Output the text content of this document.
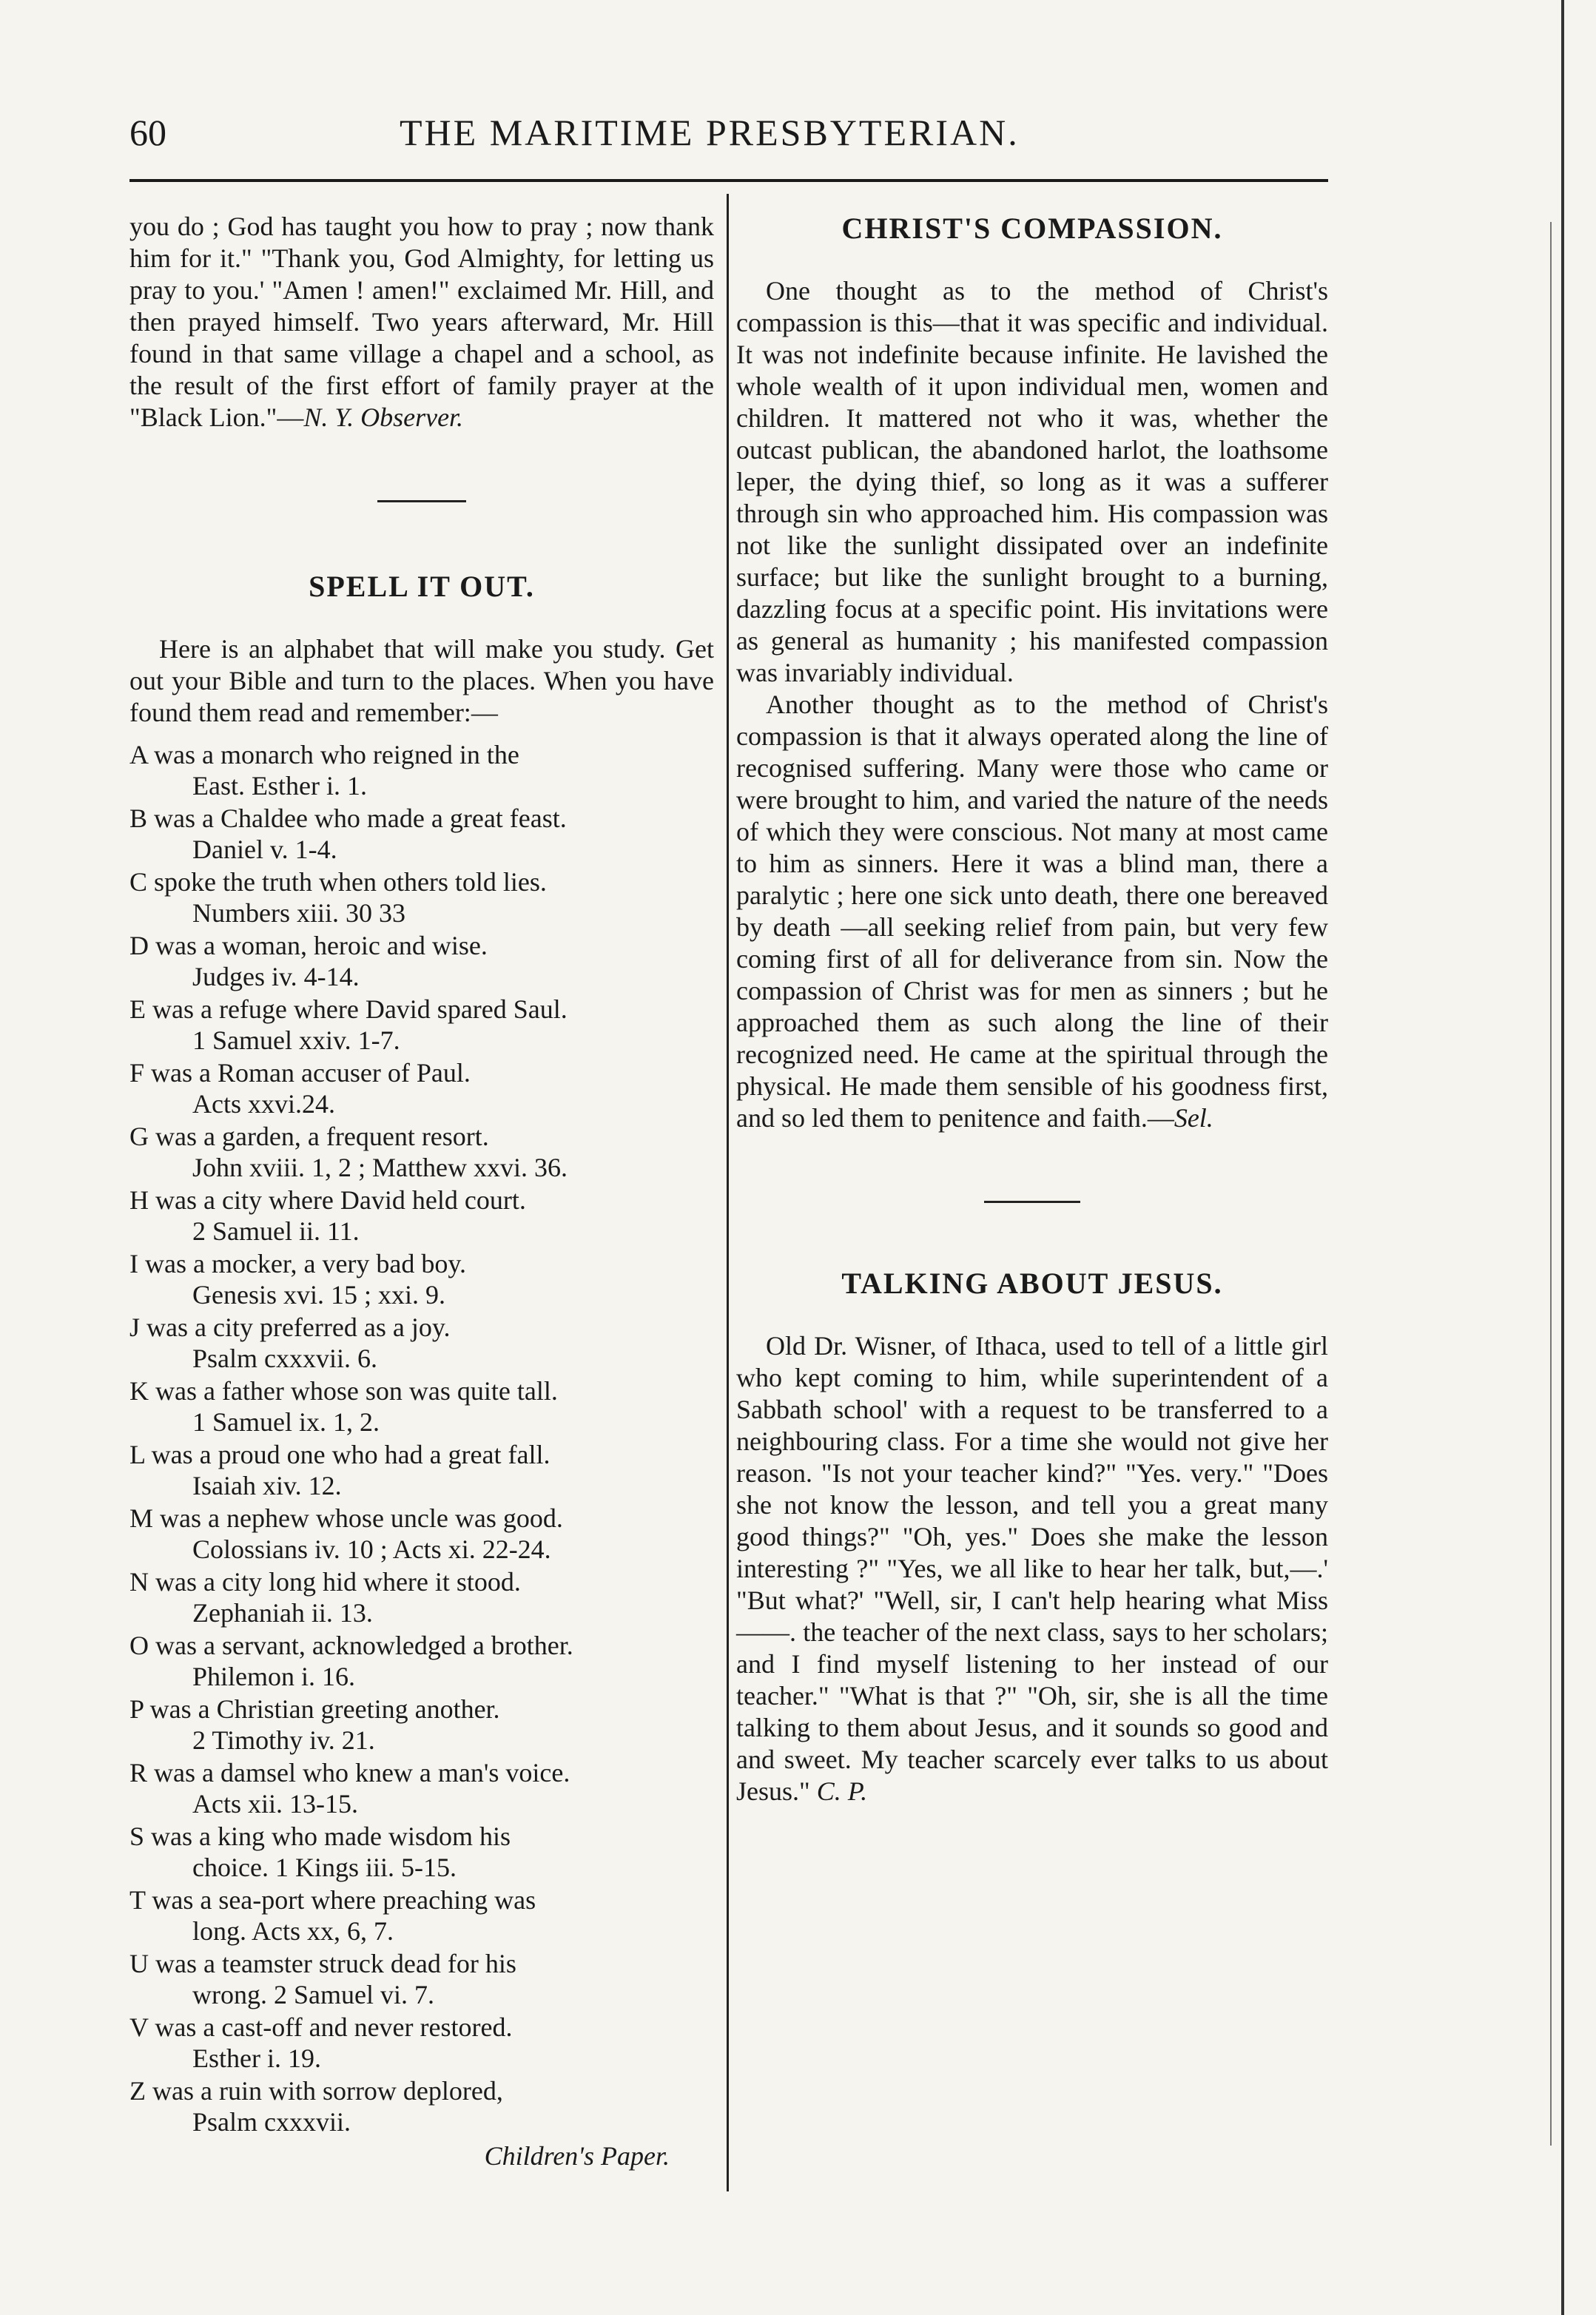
60	THE MARITIME PRESBYTERIAN.

you do ; God has taught you how to pray ; now thank him for it." "Thank you, God Almighty, for letting us pray to you.' "Amen ! amen!" exclaimed Mr. Hill, and then prayed himself. Two years afterward, Mr. Hill found in that same village a chapel and a school, as the result of the first effort of family prayer at the "Black Lion."—N. Y. Observer.

SPELL IT OUT.

Here is an alphabet that will make you study. Get out your Bible and turn to the places. When you have found them read and remember:—

A was a monarch who reigned in the
East. Esther i. 1.
B was a Chaldee who made a great feast.
Daniel v. 1-4.
C spoke the truth when others told lies.
Numbers xiii. 30 33
D was a woman, heroic and wise.
Judges iv. 4-14.
E was a refuge where David spared Saul.
1 Samuel xxiv. 1-7.
F was a Roman accuser of Paul.
Acts xxvi.24.
G was a garden, a frequent resort.
John xviii. 1, 2 ; Matthew xxvi. 36.
H was a city where David held court.
2 Samuel ii. 11.
I was a mocker, a very bad boy.
Genesis xvi. 15 ; xxi. 9.
J was a city preferred as a joy.
Psalm cxxxvii. 6.
K was a father whose son was quite tall.
1 Samuel ix. 1, 2.
L was a proud one who had a great fall.
Isaiah xiv. 12.
M was a nephew whose uncle was good.
Colossians iv. 10 ; Acts xi. 22-24.
N was a city long hid where it stood.
Zephaniah ii. 13.
O was a servant, acknowledged a brother.
Philemon i. 16.
P was a Christian greeting another.
2 Timothy iv. 21.
R was a damsel who knew a man's voice.
Acts xii. 13-15.
S was a king who made wisdom his
choice. 1 Kings iii. 5-15.
T was a sea-port where preaching was
long. Acts xx, 6, 7.
U was a teamster struck dead for his
wrong. 2 Samuel vi. 7.
V was a cast-off and never restored.
Esther i. 19.
Z was a ruin with sorrow deplored,
Psalm cxxxvii.

Children's Paper.

CHRIST'S COMPASSION.

One thought as to the method of Christ's compassion is this—that it was specific and individual. It was not indefinite because infinite. He lavished the whole wealth of it upon individual men, women and children. It mattered not who it was, whether the outcast publican, the abandoned harlot, the loathsome leper, the dying thief, so long as it was a sufferer through sin who approached him. His compassion was not like the sunlight dissipated over an indefinite surface; but like the sunlight brought to a burning, dazzling focus at a specific point. His invitations were as general as humanity ; his manifested compassion was invariably individual.

Another thought as to the method of Christ's compassion is that it always operated along the line of recognised suffering. Many were those who came or were brought to him, and varied the nature of the needs of which they were conscious. Not many at most came to him as sinners. Here it was a blind man, there a paralytic ; here one sick unto death, there one bereaved by death —all seeking relief from pain, but very few coming first of all for deliverance from sin. Now the compassion of Christ was for men as sinners ; but he approached them as such along the line of their recognized need. He came at the spiritual through the physical. He made them sensible of his goodness first, and so led them to penitence and faith.—Sel.

TALKING ABOUT JESUS.

Old Dr. Wisner, of Ithaca, used to tell of a little girl who kept coming to him, while superintendent of a Sabbath school' with a request to be transferred to a neighbouring class. For a time she would not give her reason. "Is not your teacher kind?" "Yes. very." "Does she not know the lesson, and tell you a great many good things?" "Oh, yes." Does she make the lesson interesting ?" "Yes, we all like to hear her talk, but,—.' "But what?' "Well, sir, I can't help hearing what Miss——. the teacher of the next class, says to her scholars; and I find myself listening to her instead of our teacher." "What is that ?" "Oh, sir, she is all the time talking to them about Jesus, and it sounds so good and and sweet. My teacher scarcely ever talks to us about Jesus." C. P.
